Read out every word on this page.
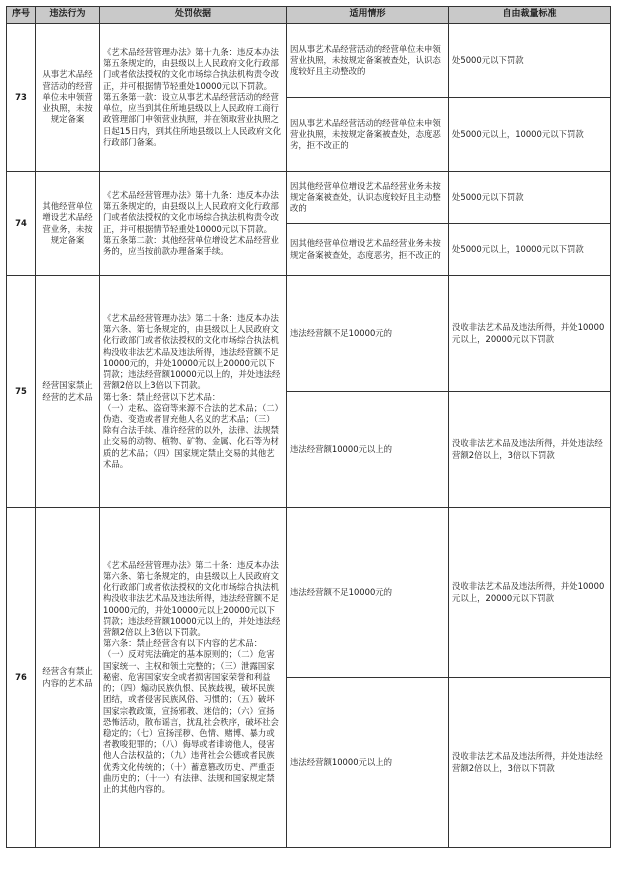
序号	违法行为	处罚依据	适用情形	自由裁量标准
73	从事艺术品经营活动的经营单位未申领营业执照，未按规定备案	《艺术品经营管理办法》第十九条：违反本办法第五条规定的，由县级以上人民政府文化行政部门或者依法授权的文化市场综合执法机构责令改正，并可根据情节轻重处10000元以下罚款。
第五条第一款：设立从事艺术品经营活动的经营单位，应当到其住所地县级以上人民政府工商行政管理部门申领营业执照，并在领取营业执照之日起15日内，到其住所地县级以上人民政府文化行政部门备案。	因从事艺术品经营活动的经营单位未申领营业执照，未按规定备案被查处，认识态度较好且主动整改的	处5000元以下罚款
			因从事艺术品经营活动的经营单位未申领营业执照，未按规定备案被查处，态度恶劣，拒不改正的	处5000元以上，10000元以下罚款
74	其他经营单位增设艺术品经营业务，未按规定备案	《艺术品经营管理办法》第十九条：违反本办法第五条规定的，由县级以上人民政府文化行政部门或者依法授权的文化市场综合执法机构责令改正，并可根据情节轻重处10000元以下罚款。
第五条第二款：其他经营单位增设艺术品经营业务的，应当按前款办理备案手续。	因其他经营单位增设艺术品经营业务未按规定备案被查处，认识态度较好且主动整改的	处5000元以下罚款
			因其他经营单位增设艺术品经营业务未按规定备案被查处，态度恶劣，拒不改正的	处5000元以上，10000元以下罚款
75	经营国家禁止经营的艺术品	《艺术品经营管理办法》第二十条：违反本办法第六条、第七条规定的，由县级以上人民政府文化行政部门或者依法授权的文化市场综合执法机构没收非法艺术品及违法所得，违法经营额不足10000元的，并处10000元以上20000元以下罚款；违法经营额10000元以上的，并处违法经营额2倍以上3倍以下罚款。
第七条：禁止经营以下艺术品：
（一）走私、盗窃等来源不合法的艺术品；（二）伪造、变造或者冒充他人名义的艺术品；（三）除有合法手续、准许经营的以外，法律、法规禁止交易的动物、植物、矿物、金属、化石等为材质的艺术品；（四）国家规定禁止交易的其他艺术品。	违法经营额不足10000元的	没收非法艺术品及违法所得，并处10000元以上，20000元以下罚款
			违法经营额10000元以上的	没收非法艺术品及违法所得，并处违法经营额2倍以上，3倍以下罚款
76	经营含有禁止内容的艺术品	《艺术品经营管理办法》第二十条：违反本办法第六条、第七条规定的，由县级以上人民政府文化行政部门或者依法授权的文化市场综合执法机构没收非法艺术品及违法所得，违法经营额不足10000元的，并处10000元以上20000元以下罚款；违法经营额10000元以上的，并处违法经营额2倍以上3倍以下罚款。
第六条：禁止经营含有以下内容的艺术品：
（一）反对宪法确定的基本原则的；（二）危害国家统一、主权和领土完整的；（三）泄露国家秘密、危害国家安全或者损害国家荣誉和利益的；（四）煽动民族仇恨、民族歧视，破坏民族团结，或者侵害民族风俗、习惯的；（五）破坏国家宗教政策，宣扬邪教、迷信的；（六）宣扬恐怖活动，散布谣言，扰乱社会秩序，破坏社会稳定的；（七）宣扬淫秽、色情、赌博、暴力或者教唆犯罪的；（八）侮辱或者诽谤他人，侵害他人合法权益的；（九）违背社会公德或者民族优秀文化传统的；（十）蓄意篡改历史、严重歪曲历史的；（十一）有法律、法规和国家规定禁止的其他内容的。	违法经营额不足10000元的	没收非法艺术品及违法所得，并处10000元以上，20000元以下罚款
			违法经营额10000元以上的	没收非法艺术品及违法所得，并处违法经营额2倍以上，3倍以下罚款
